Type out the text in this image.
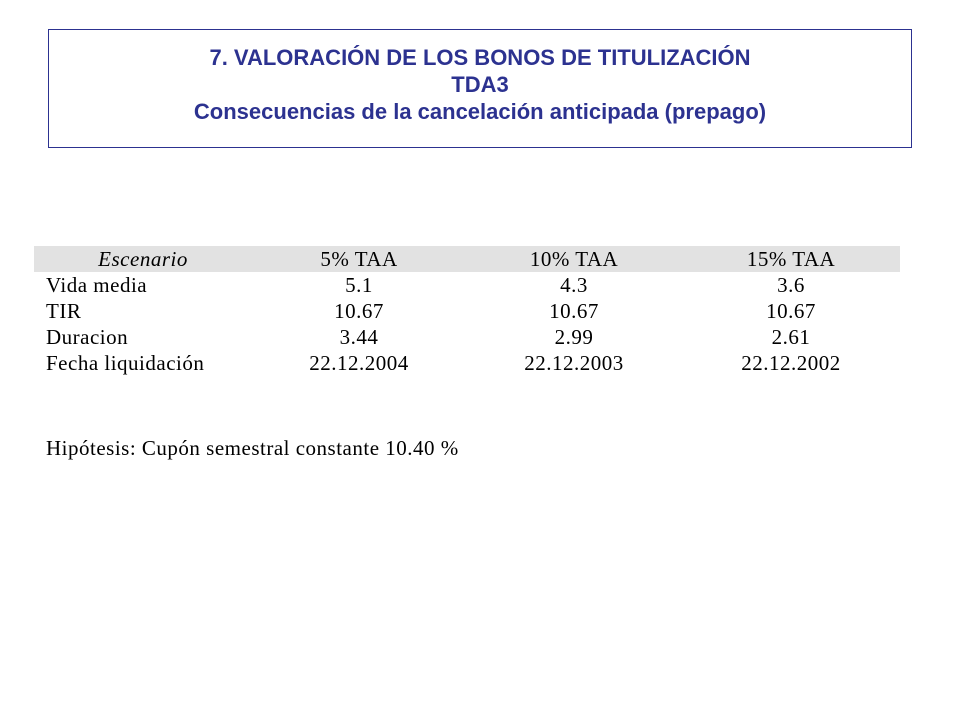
7. VALORACIÓN DE LOS BONOS DE TITULIZACIÓN
TDA3
Consecuencias de la cancelación anticipada (prepago)
Escenario	5% TAA	10% TAA	15% TAA
Vida media	5.1	4.3	3.6
TIR	10.67	10.67	10.67
Duracion	3.44	2.99	2.61
Fecha liquidación	22.12.2004	22.12.2003	22.12.2002
Hipótesis: Cupón semestral constante 10.40 %
